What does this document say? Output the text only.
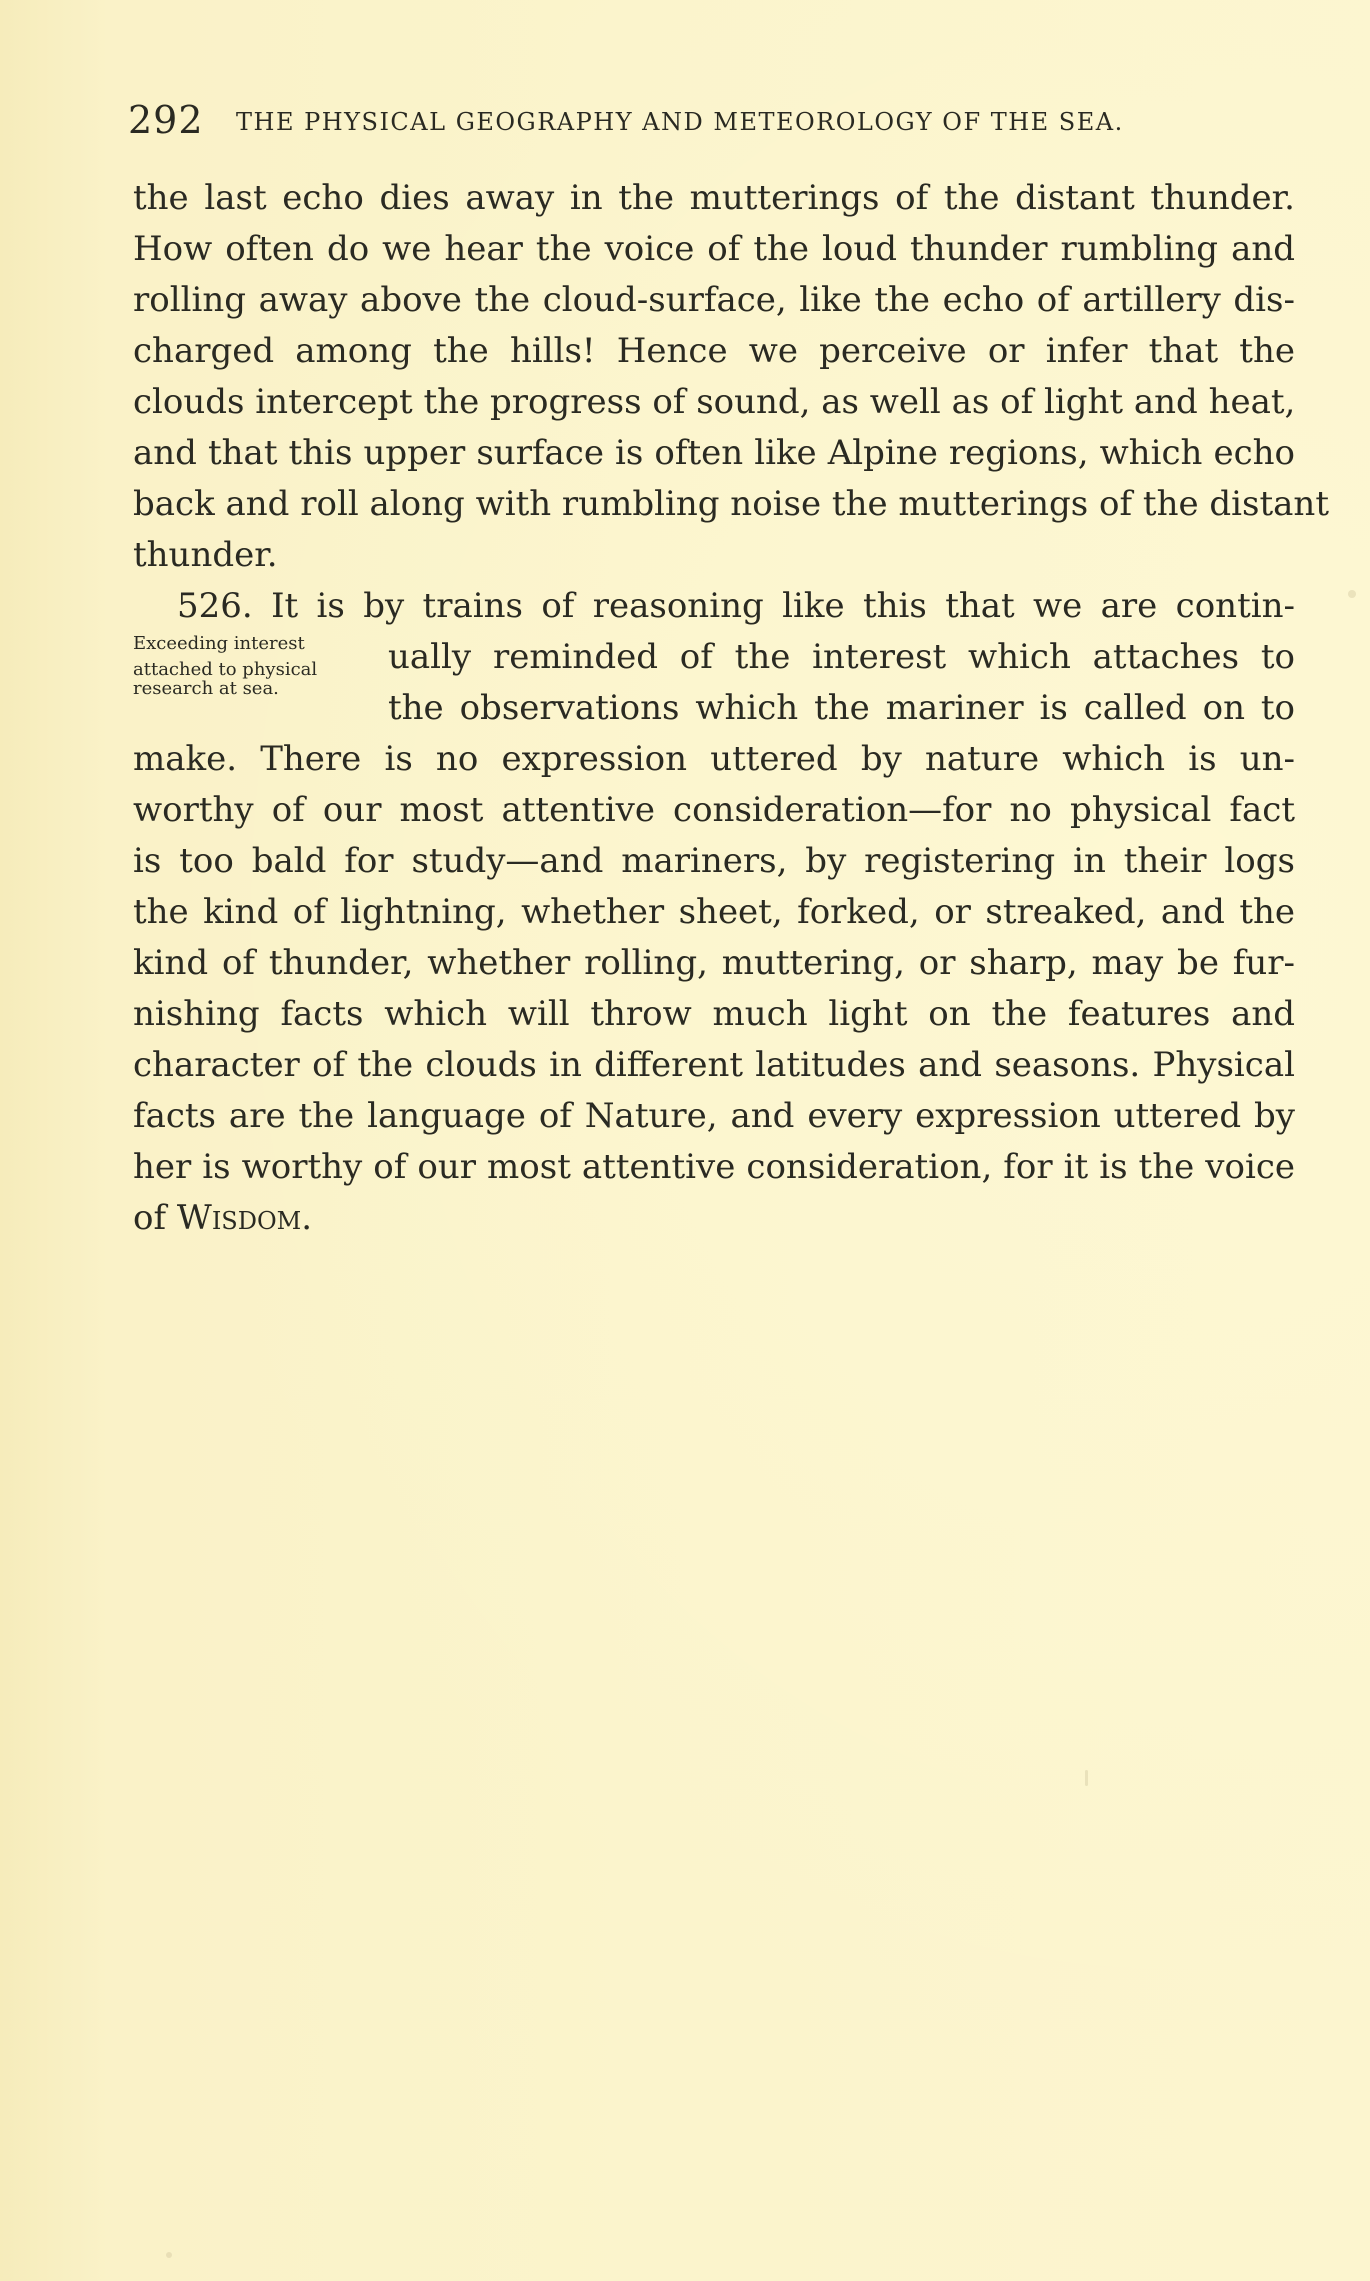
292 THE PHYSICAL GEOGRAPHY AND METEOROLOGY OF THE SEA.
the last echo dies away in the mutterings of the distant thunder.
How often do we hear the voice of the loud thunder rumbling and
rolling away above the cloud-surface, like the echo of artillery dis-
charged among the hills! Hence we perceive or infer that the
clouds intercept the progress of sound, as well as of light and heat,
and that this upper surface is often like Alpine regions, which echo
back and roll along with rumbling noise the mutterings of the distant
thunder.
526. It is by trains of reasoning like this that we are contin-
ually reminded of the interest which attaches to
the observations which the mariner is called on to
make. There is no expression uttered by nature which is un-
worthy of our most attentive consideration—for no physical fact
is too bald for study—and mariners, by registering in their logs
the kind of lightning, whether sheet, forked, or streaked, and the
kind of thunder, whether rolling, muttering, or sharp, may be fur-
nishing facts which will throw much light on the features and
character of the clouds in different latitudes and seasons. Physical
facts are the language of Nature, and every expression uttered by
her is worthy of our most attentive consideration, for it is the voice
of Wisdom.
Exceeding interest
attached to physical
research at sea.
